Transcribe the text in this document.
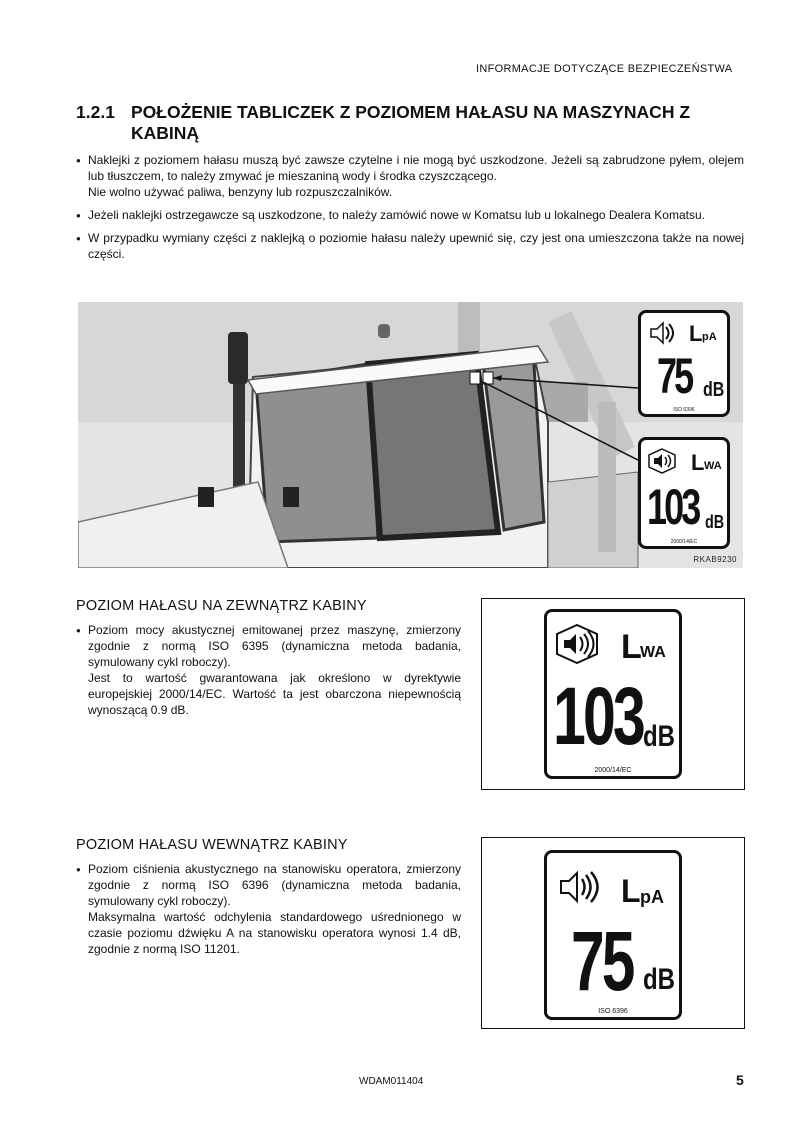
INFORMACJE DOTYCZĄCE BEZPIECZEŃSTWA
1.2.1 POŁOŻENIE TABLICZEK Z POZIOMEM HAŁASU NA MASZYNACH Z KABINĄ
● Naklejki z poziomem hałasu muszą być zawsze czytelne i nie mogą być uszkodzone. Jeżeli są zabrudzone pyłem, olejem lub tłuszczem, to należy zmywać je mieszaniną wody i środka czyszczącego.
Nie wolno używać paliwa, benzyny lub rozpuszczalników.
● Jeżeli naklejki ostrzegawcze są uszkodzone, to należy zamówić nowe w Komatsu lub u lokalnego Dealera Komatsu.
● W przypadku wymiany części z naklejką o poziomie hałasu należy upewnić się, czy jest ona umieszczona także na nowej części.
L pA
75 dB
ISO 6396
L WA
103 dB
2000/14/EC
RKAB9230
POZIOM HAŁASU NA ZEWNĄTRZ KABINY
● Poziom mocy akustycznej emitowanej przez maszynę, zmierzony zgodnie z normą ISO 6395 (dynamiczna metoda badania, symulowany cykl roboczy).
Jest to wartość gwarantowana jak określono w dyrektywie europejskiej 2000/14/EC. Wartość ta jest obarczona niepewnością wynoszącą 0.9 dB.
L
WA
103 dB
2000/14/EC
POZIOM HAŁASU WEWNĄTRZ KABINY
● Poziom ciśnienia akustycznego na stanowisku operatora, zmierzony zgodnie z normą ISO 6396 (dynamiczna metoda badania, symulowany cykl roboczy).
Maksymalna wartość odchylenia standardowego uśrednionego w czasie poziomu dźwięku A na stanowisku operatora wynosi 1.4 dB, zgodnie z normą ISO 11201.
L pA
75 dB
ISO 6396
WDAM011404	5
